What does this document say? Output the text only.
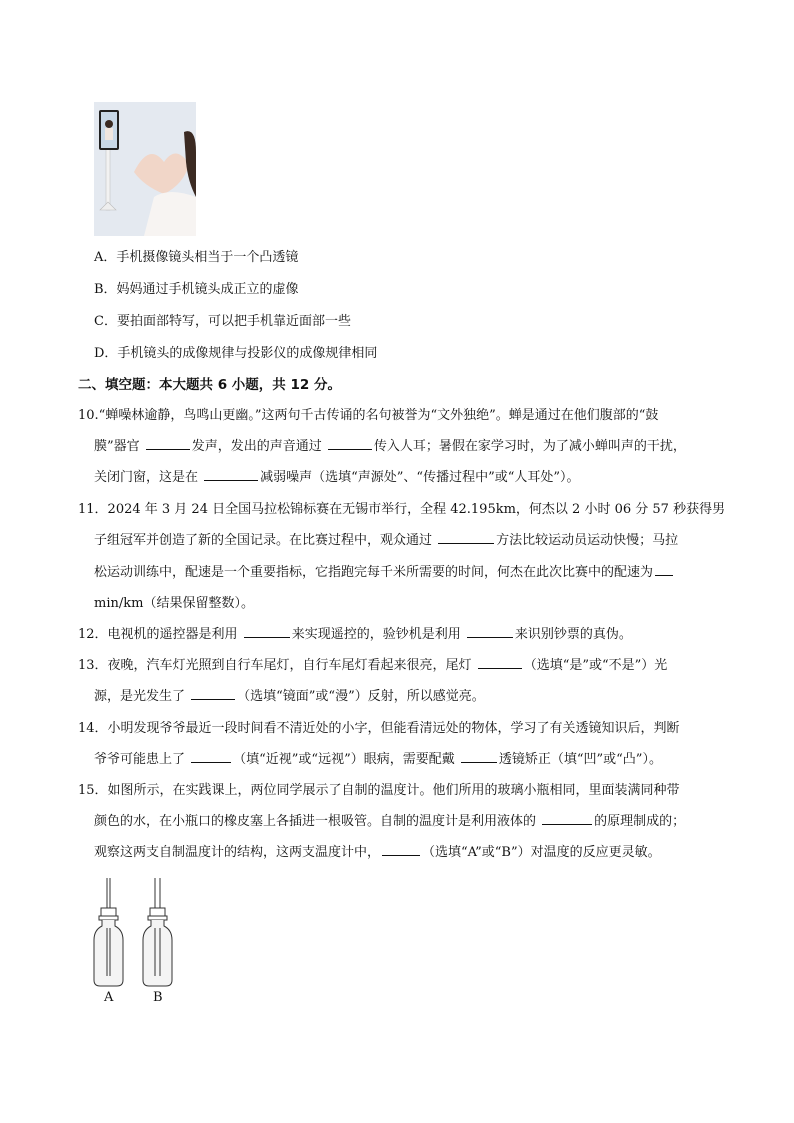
A．手机摄像镜头相当于一个凸透镜
B．妈妈通过手机镜头成正立的虚像
C．要拍面部特写，可以把手机靠近面部一些
D．手机镜头的成像规律与投影仪的成像规律相同
二、填空题：本大题共 6 小题，共 12 分。
10.“蝉噪林逾静，鸟鸣山更幽。”这两句千古传诵的名句被誉为“文外独绝”。蝉是通过在他们腹部的“鼓
膜”器官	发声，发出的声音通过	传入人耳；暑假在家学习时，为了减小蝉叫声的干扰，
关闭门窗，这是在	减弱噪声（选填“声源处”、“传播过程中”或“人耳处”）。
11．2024 年 3 月 24 日全国马拉松锦标赛在无锡市举行，全程 42.195km，何杰以 2 小时 06 分 57 秒获得男
子组冠军并创造了新的全国记录。在比赛过程中，观众通过	方法比较运动员运动快慢；马拉
松运动训练中，配速是一个重要指标，它指跑完每千米所需要的时间，何杰在此次比赛中的配速为
min/km（结果保留整数）。
12．电视机的遥控器是利用	来实现遥控的，验钞机是利用	来识别钞票的真伪。
13．夜晚，汽车灯光照到自行车尾灯，自行车尾灯看起来很亮，尾灯	（选填“是”或“不是”）光
源，是光发生了	（选填“镜面”或“漫”）反射，所以感觉亮。
14．小明发现爷爷最近一段时间看不清近处的小字，但能看清远处的物体，学习了有关透镜知识后，判断
爷爷可能患上了	（填“近视”或“远视”）眼病，需要配戴	透镜矫正（填“凹”或“凸”）。
15．如图所示，在实践课上，两位同学展示了自制的温度计。他们所用的玻璃小瓶相同，里面装满同种带
颜色的水，在小瓶口的橡皮塞上各插进一根吸管。自制的温度计是利用液体的	的原理制成的；
观察这两支自制温度计的结构，这两支温度计中，	（选填“A”或“B”）对温度的反应更灵敏。
A	B
